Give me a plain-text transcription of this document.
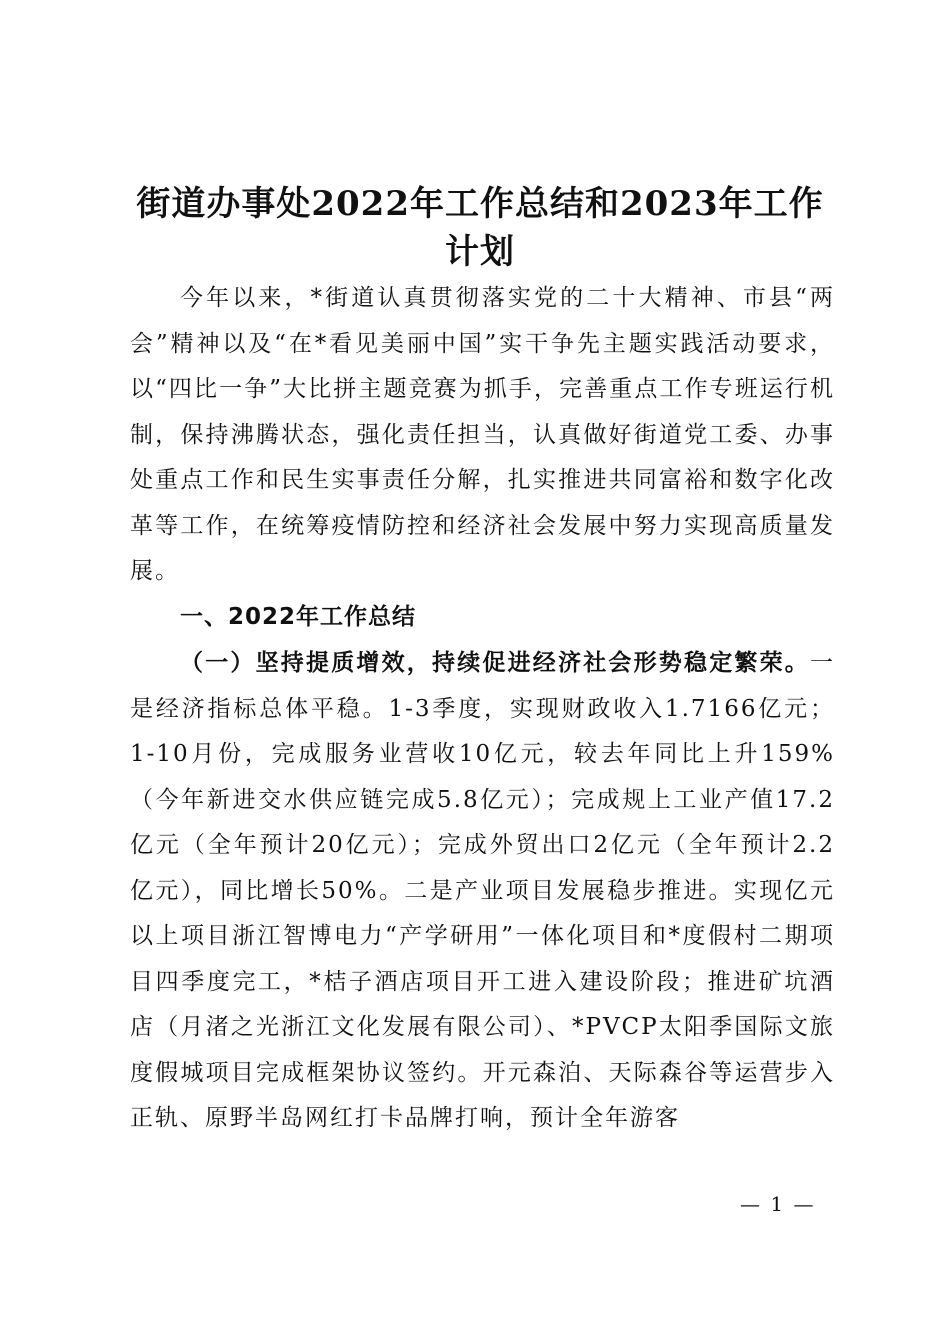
街道办事处2022年工作总结和2023年工作计划

今年以来，*街道认真贯彻落实党的二十大精神、市县“两会”精神以及“在*看见美丽中国”实干争先主题实践活动要求，以“四比一争”大比拼主题竞赛为抓手，完善重点工作专班运行机制，保持沸腾状态，强化责任担当，认真做好街道党工委、办事处重点工作和民生实事责任分解，扎实推进共同富裕和数字化改革等工作，在统筹疫情防控和经济社会发展中努力实现高质量发展。

一、2022年工作总结

（一）坚持提质增效，持续促进经济社会形势稳定繁荣。一是经济指标总体平稳。1-3季度，实现财政收入1.7166亿元；1-10月份，完成服务业营收10亿元，较去年同比上升159%（今年新进交水供应链完成5.8亿元）；完成规上工业产值17.2亿元（全年预计20亿元）；完成外贸出口2亿元（全年预计2.2亿元），同比增长50%。二是产业项目发展稳步推进。实现亿元以上项目浙江智博电力“产学研用”一体化项目和*度假村二期项目四季度完工，*桔子酒店项目开工进入建设阶段；推进矿坑酒店（月渚之光浙江文化发展有限公司）、*PVCP太阳季国际文旅度假城项目完成框架协议签约。开元森泊、天际森谷等运营步入正轨、原野半岛网红打卡品牌打响，预计全年游客

— 1 —
